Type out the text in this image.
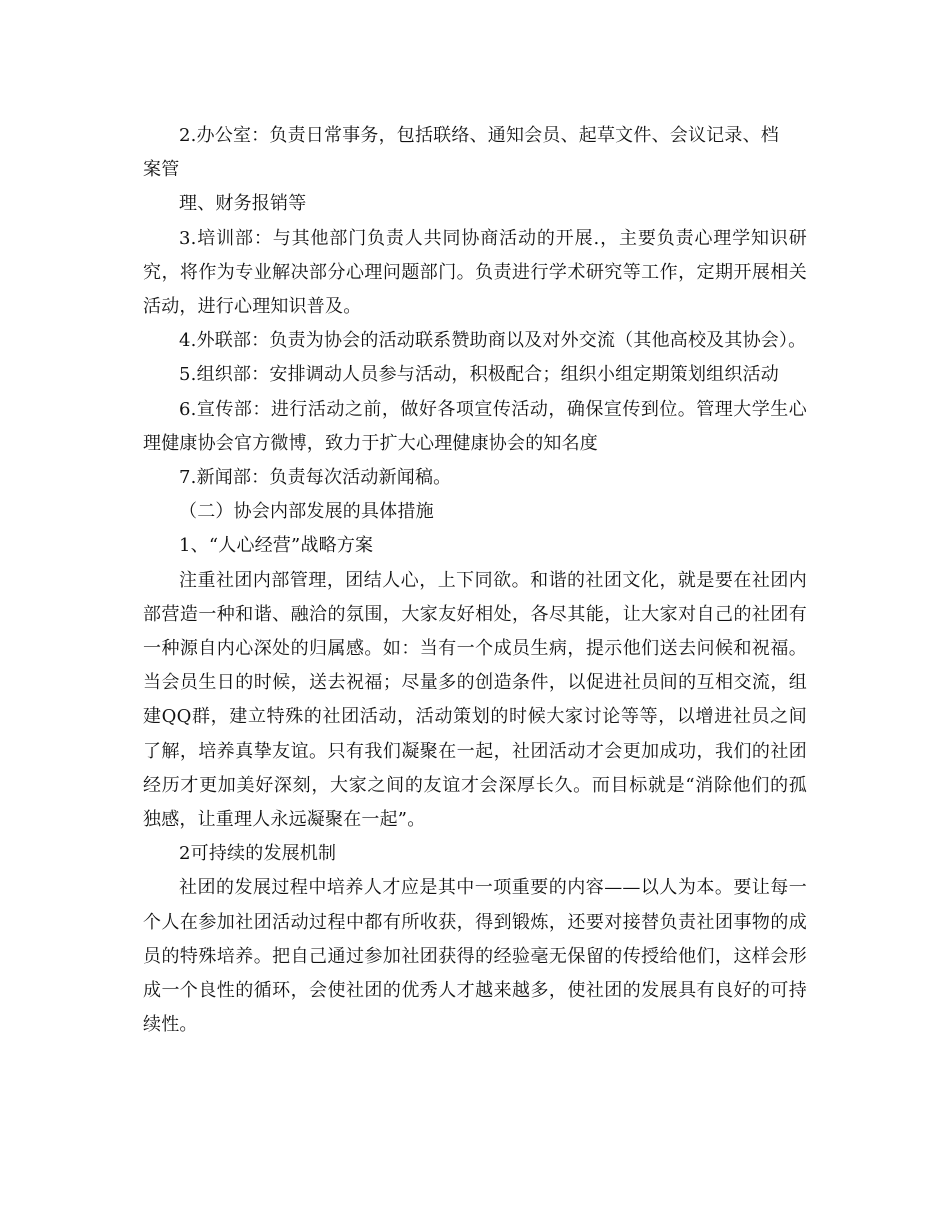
2.办公室：负责日常事务，包括联络、通知会员、起草文件、会议记录、档

案管

理、财务报销等

3.培训部：与其他部门负责人共同协商活动的开展.，主要负责心理学知识研究，将作为专业解决部分心理问题部门。负责进行学术研究等工作，定期开展相关活动，进行心理知识普及。

4.外联部：负责为协会的活动联系赞助商以及对外交流（其他高校及其协会）。

5.组织部：安排调动人员参与活动，积极配合；组织小组定期策划组织活动

6.宣传部：进行活动之前，做好各项宣传活动，确保宣传到位。管理大学生心理健康协会官方微博，致力于扩大心理健康协会的知名度

7.新闻部：负责每次活动新闻稿。

（二）协会内部发展的具体措施

1、“人心经营”战略方案

注重社团内部管理，团结人心，上下同欲。和谐的社团文化，就是要在社团内部营造一种和谐、融洽的氛围，大家友好相处，各尽其能，让大家对自己的社团有一种源自内心深处的归属感。如：当有一个成员生病，提示他们送去问候和祝福。当会员生日的时候，送去祝福；尽量多的创造条件，以促进社员间的互相交流，组建QQ群，建立特殊的社团活动，活动策划的时候大家讨论等等，以增进社员之间了解，培养真挚友谊。只有我们凝聚在一起，社团活动才会更加成功，我们的社团经历才更加美好深刻，大家之间的友谊才会深厚长久。而目标就是“消除他们的孤独感，让重理人永远凝聚在一起”。

2可持续的发展机制

社团的发展过程中培养人才应是其中一项重要的内容——以人为本。要让每一个人在参加社团活动过程中都有所收获，得到锻炼，还要对接替负责社团事物的成员的特殊培养。把自己通过参加社团获得的经验毫无保留的传授给他们，这样会形成一个良性的循环，会使社团的优秀人才越来越多，使社团的发展具有良好的可持续性。
